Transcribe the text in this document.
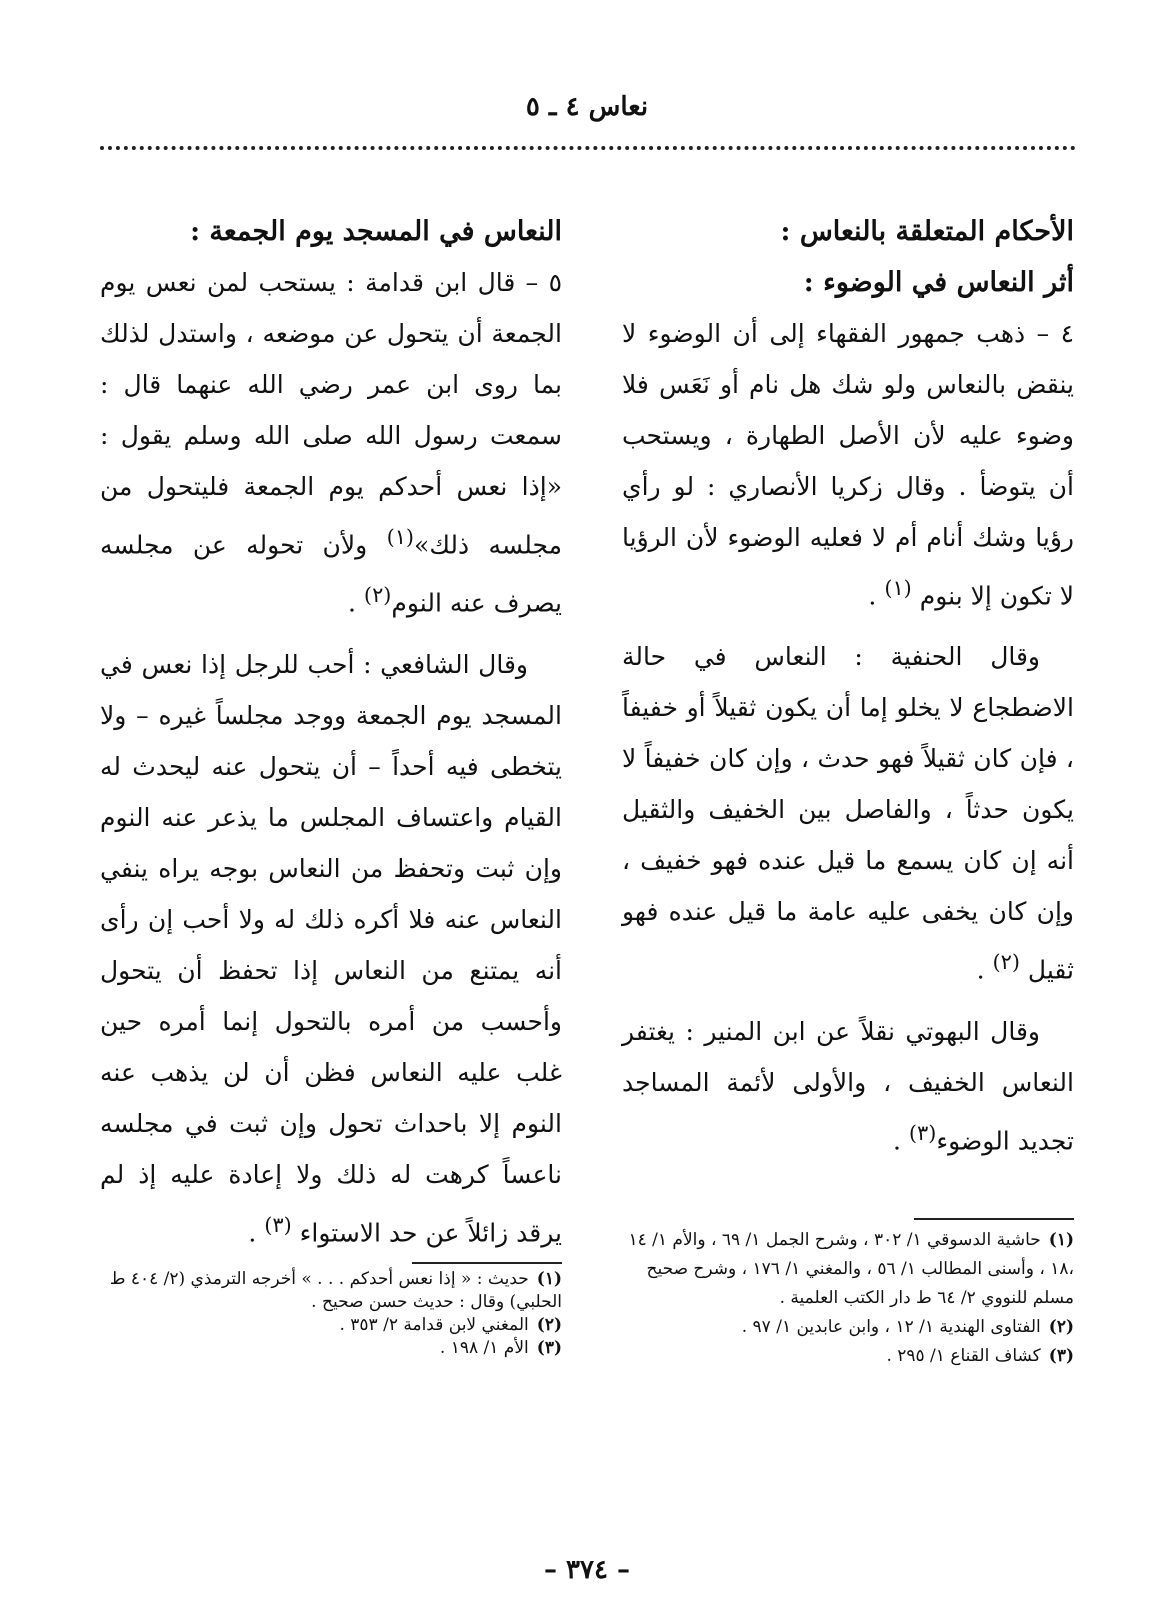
نعاس ٤ ـ ٥
الأحكام المتعلقة بالنعاس :
أثر النعاس في الوضوء :

٤ – ذهب جمهور الفقهاء إلى أن الوضوء لا ينقض بالنعاس ولو شك هل نام أو نَعَس فلا وضوء عليه لأن الأصل الطهارة ، ويستحب أن يتوضأ . وقال زكريا الأنصاري : لو رأي رؤيا وشك أنام أم لا فعليه الوضوء لأن الرؤيا لا تكون إلا بنوم $^{(١)}$ .

وقال الحنفية : النعاس في حالة الاضطجاع لا يخلو إما أن يكون ثقيلاً أو خفيفاً ، فإن كان ثقيلاً فهو حدث ، وإن كان خفيفاً لا يكون حدثاً ، والفاصل بين الخفيف والثقيل أنه إن كان يسمع ما قيل عنده فهو خفيف ، وإن كان يخفى عليه عامة ما قيل عنده فهو ثقيل $^{(٢)}$ .

وقال البهوتي نقلاً عن ابن المنير : يغتفر النعاس الخفيف ، والأولى لأئمة المساجد تجديد الوضوء$^{(٣)}$ .

النعاس في المسجد يوم الجمعة :

٥ – قال ابن قدامة : يستحب لمن نعس يوم الجمعة أن يتحول عن موضعه ، واستدل لذلك بما روى ابن عمر رضي الله عنهما قال : سمعت رسول الله صلى الله وسلم يقول : «إذا نعس أحدكم يوم الجمعة فليتحول من مجلسه ذلك»$^{(١)}$ ولأن تحوله عن مجلسه يصرف عنه النوم$^{(٢)}$ .

وقال الشافعي : أحب للرجل إذا نعس في المسجد يوم الجمعة ووجد مجلساً غيره – ولا يتخطى فيه أحداً – أن يتحول عنه ليحدث له القيام واعتساف المجلس ما يذعر عنه النوم وإن ثبت وتحفظ من النعاس بوجه يراه ينفي النعاس عنه فلا أكره ذلك له ولا أحب إن رأى أنه يمتنع من النعاس إذا تحفظ أن يتحول وأحسب من أمره بالتحول إنما أمره حين غلب عليه النعاس فظن أن لن يذهب عنه النوم إلا باحداث تحول وإن ثبت في مجلسه ناعساً كرهت له ذلك ولا إعادة عليه إذ لم يرقد زائلاً عن حد الاستواء $^{(٣)}$ .	(١)حاشية الدسوقي ١/ ٣٠٢ ، وشرح الجمل ١/ ٦٩ ، والأم ١/ ١٤ ،١٨ ، وأسنى المطالب ١/ ٥٦ ، والمغني ١/ ١٧٦ ، وشرح صحيح مسلم للنووي ٢/ ٦٤ ط دار الكتب العلمية .
(٢)الفتاوى الهندية ١/ ١٢ ، وابن عابدين ١/ ٩٧ .
(٣)كشاف القناع ١/ ٢٩٥ .
(١)حديث : « إذا نعس أحدكم . . . » أخرجه الترمذي (٢/ ٤٠٤ ط الحلبي) وقال : حديث حسن صحيح .
(٢)المغني لابن قدامة ٢/ ٣٥٣ .
(٣)الأم ١/ ١٩٨ .
– ٣٧٤ –
